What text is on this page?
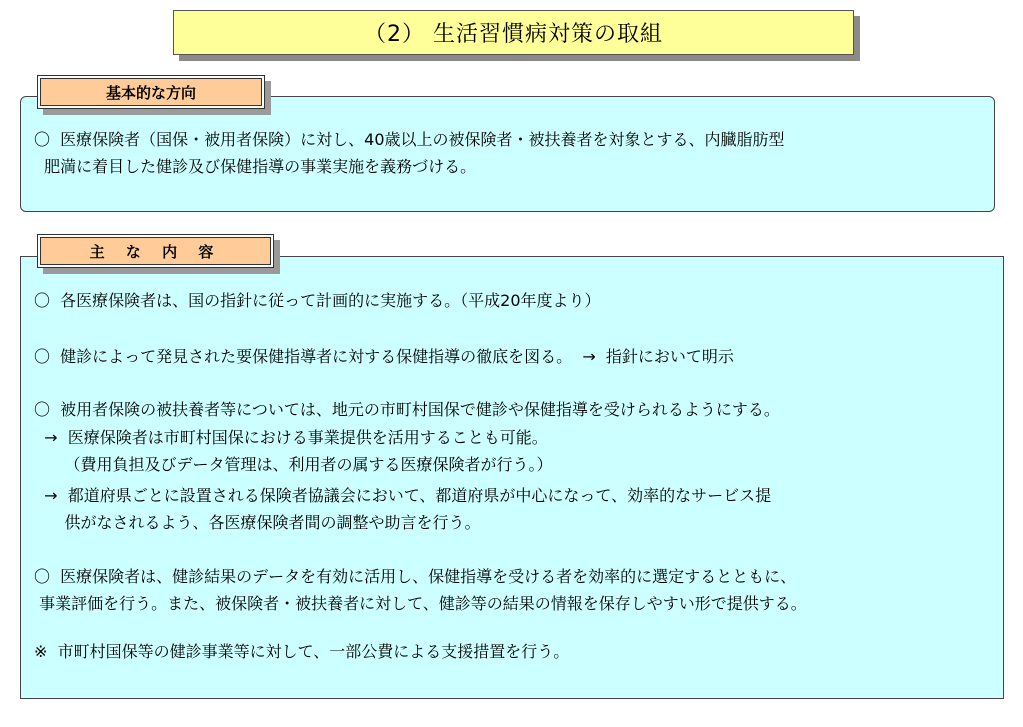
（2） 生活習慣病対策の取組
基本的な方向

〇  医療保険者（国保・被用者保険）に対し、40歳以上の被保険者・被扶養者を対象とする、内臓脂肪型

肥満に着目した健診及び保健指導の事業実施を義務づける。

主 な 内 容

〇  各医療保険者は、国の指針に従って計画的に実施する。（平成20年度より）

〇  健診によって発見された要保健指導者に対する保健指導の徹底を図る。  →  指針において明示

〇  被用者保険の被扶養者等については、地元の市町村国保で健診や保健指導を受けられるようにする。

→  医療保険者は市町村国保における事業提供を活用することも可能。

（費用負担及びデータ管理は、利用者の属する医療保険者が行う。）

→  都道府県ごとに設置される保険者協議会において、都道府県が中心になって、効率的なサービス提

供がなされるよう、各医療保険者間の調整や助言を行う。

〇  医療保険者は、健診結果のデータを有効に活用し、保健指導を受ける者を効率的に選定するとともに、

事業評価を行う。また、被保険者・被扶養者に対して、健診等の結果の情報を保存しやすい形で提供する。

※  市町村国保等の健診事業等に対して、一部公費による支援措置を行う。
